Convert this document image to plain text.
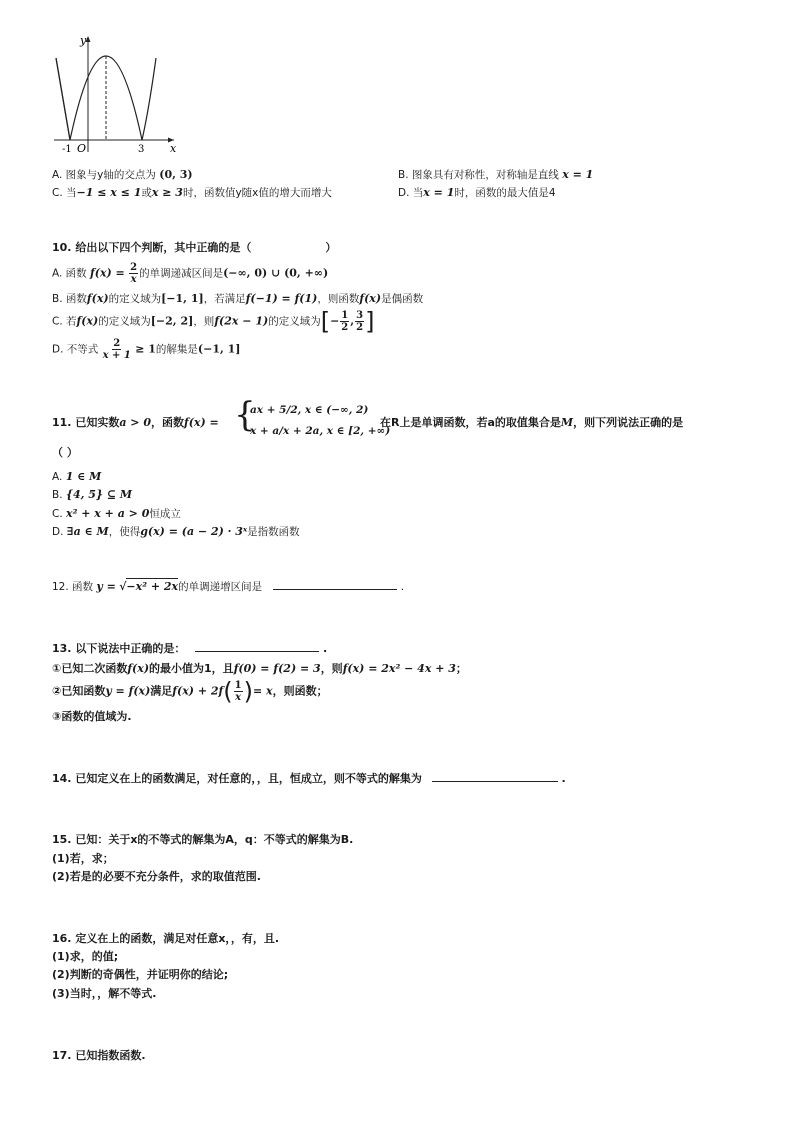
y
x
O
-1	3
A. 图象与y轴的交点为 (0, 3)	B. 图象具有对称性，对称轴是直线 x = 1
C. 当−1 ≤ x ≤ 1或x ≥ 3时，函数值y随x值的增大而增大	D. 当x = 1时，函数的最大值是4
10. 给出以下四个判断，其中正确的是（	）
A. 函数 $f(x) = \frac{2}{x}$ 的单调递减区间是(−∞, 0) ∪ (0, +∞)
B. 函数f(x)的定义域为[−1, 1]，若满足f(−1) = f(1)，则函数f(x)是偶函数
C. 若f(x)的定义域为[−2, 2]，则f(2x − 1)的定义域为[− $\frac{1}{2}$ , $\frac{3}{2}$ ]
D. 不等式 $\frac{2}{x + 1} \ge 1$的解集是(−1, 1]
11. 已知实数a > 0，函数f(x) = {
ax + 5/2, x ∈ (−∞, 2)
x + a/x + 2a, x ∈ [2, +∞)
在R上是单调函数，若a的取值集合是M，则下列说法正确的是
（ ）
A. 1 ∈ M
B. {4, 5} ⊆ M
C. x² + x + a > 0恒成立
D. ∃a ∈ M，使得g(x) = (a − 2) · 3ˣ是指数函数
12. 函数 y = √−x² + 2x的单调递增区间是	.
13. 以下说法中正确的是：	.
①已知二次函数f(x)的最小值为1，且f(0) = f(2) = 3，则f(x) = 2x² − 4x + 3；
②已知函数y = f(x)满足$f(x) + 2f( \frac{1}{x}$ )= x，则函数；
③函数的值域为.
14. 已知定义在上的函数满足，对任意的，，且，恒成立，则不等式的解集为	.
15. 已知：关于x的不等式的解集为A，q：不等式的解集为B.
(1)若，求；
(2)若是的必要不充分条件，求的取值范围.
16. 定义在上的函数，满足对任意x，，有，且.
(1)求，的值;
(2)判断的奇偶性，并证明你的结论;
(3)当时，，解不等式.
17. 已知指数函数.
